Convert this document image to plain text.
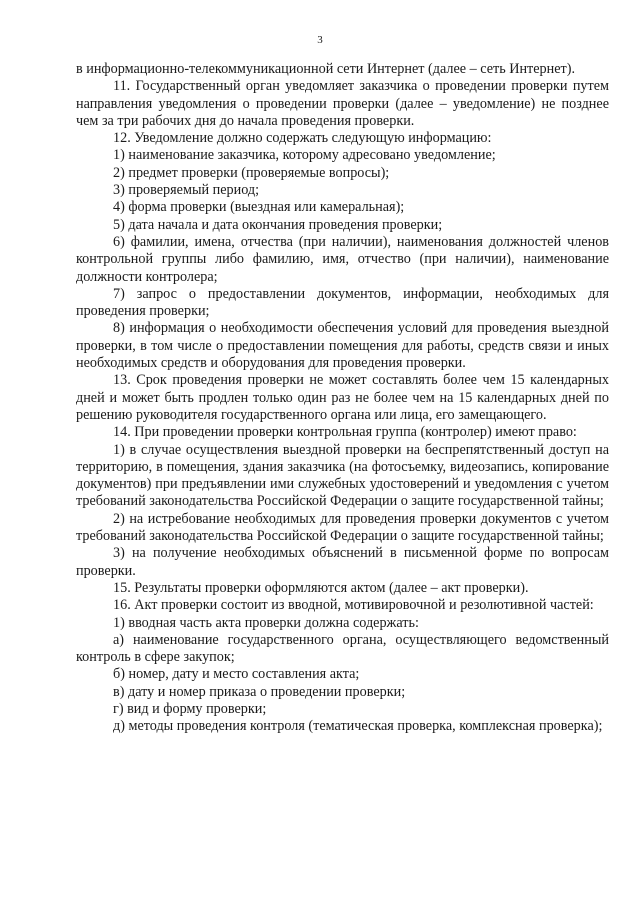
3

в информационно-телекоммуникационной сети Интернет (далее – сеть Интернет).

11. Государственный орган уведомляет заказчика о проведении проверки путем направления уведомления о проведении проверки (далее – уведомление) не позднее чем за три рабочих дня до начала проведения проверки.

12. Уведомление должно содержать следующую информацию:

1) наименование заказчика, которому адресовано уведомление;

2) предмет проверки (проверяемые вопросы);

3) проверяемый период;

4) форма проверки (выездная или камеральная);

5) дата начала и дата окончания проведения проверки;

6) фамилии, имена, отчества (при наличии), наименования должностей членов контрольной группы либо фамилию, имя, отчество (при наличии), наименование должности контролера;

7) запрос о предоставлении документов, информации, необходимых для проведения проверки;

8) информация о необходимости обеспечения условий для проведения выездной проверки, в том числе о предоставлении помещения для работы, средств связи и иных необходимых средств и оборудования для проведения проверки.

13. Срок проведения проверки не может составлять более чем 15 календарных дней и может быть продлен только один раз не более чем на 15 календарных дней по решению руководителя государственного органа или лица, его замещающего.

14. При проведении проверки контрольная группа (контролер) имеют право:

1) в случае осуществления выездной проверки на беспрепятственный доступ на территорию, в помещения, здания заказчика (на фотосъемку, видеозапись, копирование документов) при предъявлении ими служебных удостоверений и уведомления с учетом требований законодательства Российской Федерации о защите государственной тайны;

2) на истребование необходимых для проведения проверки документов с учетом требований законодательства Российской Федерации о защите государственной тайны;

3) на получение необходимых объяснений в письменной форме по вопросам проверки.

15. Результаты проверки оформляются актом (далее – акт проверки).

16. Акт проверки состоит из вводной, мотивировочной и резолютивной частей:

1) вводная часть акта проверки должна содержать:

а) наименование государственного органа, осуществляющего ведомственный контроль в сфере закупок;

б) номер, дату и место составления акта;

в) дату и номер приказа о проведении проверки;

г) вид и форму проверки;

д) методы проведения контроля (тематическая проверка, комплексная проверка);
